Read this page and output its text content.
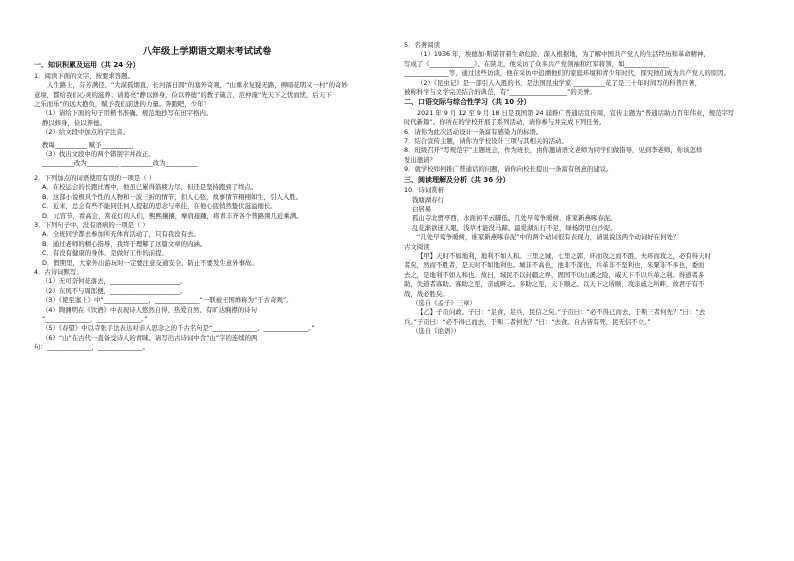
八年级上学期语文期末考试试卷
一、知识积累及运用（共 24 分）
1．阅读下面的文字，按要求答题。
人生路上，芬芳满径。“大漠孤烟直，长河落日圆”的塞外奇观，“山重水复疑无路，柳暗花明又一村”的奇妙
意境，都给我们心灵的滋养；请葛亮“静以修身，俭以养德”的教子箴言，范仲淹“先天下之忧而忧，后天下
之乐而乐”的远大抱负，赋予我们前进的力量。奔跑吧，少年！
（1）请给下面的句子用楷书准确、规范地抄写在田字格内。
静以修身，俭以养德。
（2）给文段中加点的字注音。
教诲__________ 赋予__________
（3）找出文段中的两个错别字并改正。
__________改为__________ __________改为__________
2．下列加点的词语使用有误的一项是（ ）
A．在校运会的长跑比赛中，他虽已累得筋疲力尽，但还是坚持跑到了终点。
B．这部小说极具个性的人物和一波三折的情节，扣人心弦，故事情节栩栩如生，引人入胜。
C．近来，总会有些不能同任何人提起的思念与牵挂，在他心底悄然蛰伏滋溢细长。
D．元宵节，看高会、赏花灯的人们，熙熙攘攘，摩肩接踵，将青丰齐各个普路围几近乘满。
3．下列句子中，没有语病的一项是（ ）
A．全班同学都去参加所充体育活动了，只有我没有去。
B．通过老师的精心指导，我终于理解了这篇文章的内涵。
C．有没有健康的身体，是做好工作的前提。
D．假期里，大家外出游玩时一定要注意交通安全，防止不要发生意外事故。
4．古诗词默写。
（1）无可奈何花落去，______________________。
（2）东风不与周郎便，______________________。
（3）《使至塞上》中“______________，______________”一联被王国维称为“千古奇观”。
（4）陶渊明在《饮酒》中表现诗人悠然自得、热爱自然、有旷达胸襟的诗句
“______________，______________。”
（5）《春望》中以寺张手法表达对亲人思念之的千古名句是“______________，______________。”
（6）“山”在古代一直备受诗人的青睐。请写出古诗词中含“山”字的连续的两
句：______________，______________。
5．名著阅读
（1）1936 年，埃德加·斯诺冒着生命危险，深入根据地，为了解中国共产党人的生活经历和革命精神，
写成了《______________》。在陕北，他采访了众多共产党领袖和红军将领，如______________
______________等，通过这些访谈，他在采访中追溯他们的家庭环境和青少年时代，探究他们成为共产党人的原因。
（2）《昆虫记》是一部引人入胜的书，是法国昆虫学家 __________花了是三十年时间写的科普巨著，
被称科学与文学完美结合的典范，有“__________________”的美誉。
二、口语交际与综合性学习（共 10 分）
2021 年 9 月 12 至 9 月 18 日是我国第 24 届推广普通话宣传周，宣传主题为“普通话助力百年伟业，规范字写
时代新篇”。你所在的学校开展了系列活动，请你参与并完成下列任务。
6．请你为此次活动设计一条富有感染力的标语。
7．结合宣传主题，请你为学校设计三项与其相关的活动。
8．班级召开“写规范字”主题班会，作为班长，由你邀请语文老师为同学们做指导，见到李老师，你该怎样
发出邀请？
9．就学校如何推广普通话的问题，请你向校长提出一条富有创意的建议。
三、阅读理解及分析（共 36 分）
10．诗词赏析
钱塘湖春行
白居易
孤山寺北贾亭西，水面初平云脚低。几处早莺争暖树，谁家新燕啄春泥。
乱花渐欲迷人眼，浅草才能没马蹄。最爱湖东行不足，绿杨阴里白沙堤。
“几处早莺争暖树，谁家新燕啄春泥”中的两个动词很有表现力，请说说这两个动词好在何处？
古文阅读
【甲】天时不如地利，地利不如人和。三里之城，七里之郭，环而攻之而不胜。夫环而攻之，必有得天时
者矣，然而不胜者，是天时不如地利也。城非不高也，池非不深也，兵革非不坚利也，米粟非不多也，委而
去之，是地利不如人和也。故曰，域民不以封疆之界，固国不以山溪之险，威天下不以兵革之利。得道者多
助，失道者寡助。寡助之至，亲戚畔之。多助之至，天下顺之。以天下之所顺，攻亲戚之所畔，故君子有不
战，战必胜矣。
（选自《孟子》三章）
【乙】子贡问政。子曰：“足食，足兵，民信之矣。”子贡曰：“必不得已而去，于斯三者何先？”曰：“去
兵。”子贡曰：“必不得已而去，于斯二者何先？”曰：“去食。自古皆有死，民无信不立。”
（选自《论语》）
